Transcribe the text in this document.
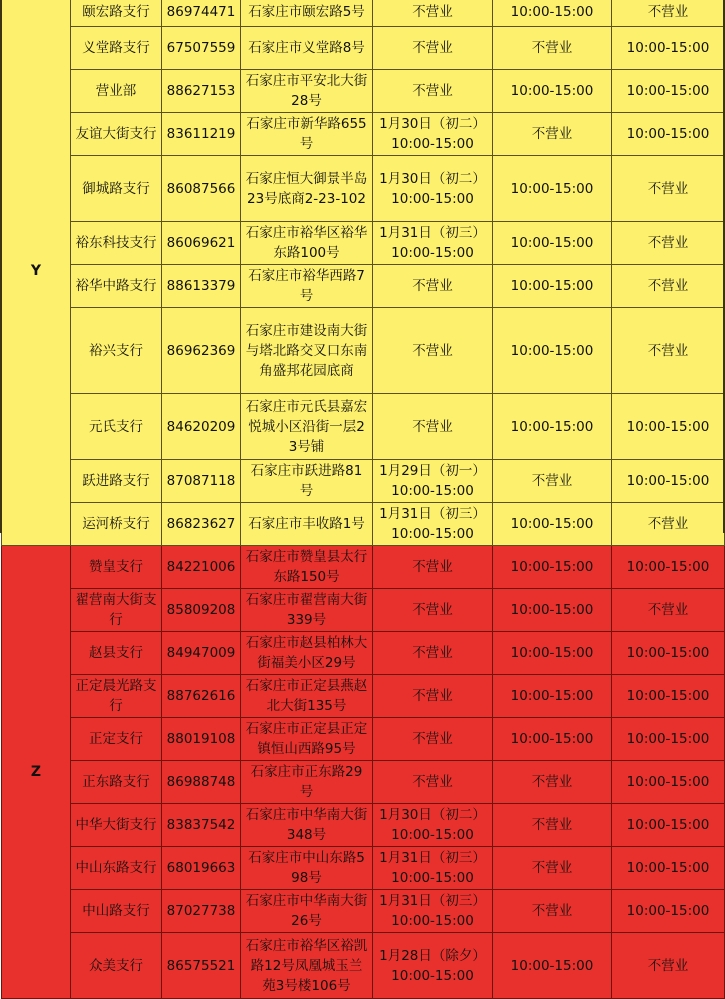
Y	颐宏路支行	86974471	石家庄市颐宏路5号	不营业	10:00-15:00	不营业
	义堂路支行	67507559	石家庄市义堂路8号	不营业	不营业	10:00-15:00
	营业部	88627153	石家庄市平安北大街28号	不营业	10:00-15:00	10:00-15:00
	友谊大街支行	83611219	石家庄市新华路655号	1月30日（初二）10:00-15:00	不营业	10:00-15:00
	御城路支行	86087566	石家庄恒大御景半岛23号底商2-23-102	1月30日（初二）10:00-15:00	10:00-15:00	不营业
	裕东科技支行	86069621	石家庄市裕华区裕华东路100号	1月31日（初三）10:00-15:00	10:00-15:00	不营业
	裕华中路支行	88613379	石家庄市裕华西路7号	不营业	10:00-15:00	不营业
	裕兴支行	86962369	石家庄市建设南大街与塔北路交叉口东南角盛邦花园底商	不营业	10:00-15:00	不营业
	元氏支行	84620209	石家庄市元氏县嘉宏悦城小区沿街一层23号铺	不营业	10:00-15:00	10:00-15:00
	跃进路支行	87087118	石家庄市跃进路81号	1月29日（初一）10:00-15:00	不营业	10:00-15:00
	运河桥支行	86823627	石家庄市丰收路1号	1月31日（初三）10:00-15:00	10:00-15:00	不营业
Z	赞皇支行	84221006	石家庄市赞皇县太行东路150号	不营业	10:00-15:00	10:00-15:00
	翟营南大街支行	85809208	石家庄市翟营南大街339号	不营业	10:00-15:00	不营业
	赵县支行	84947009	石家庄市赵县柏林大街福美小区29号	不营业	10:00-15:00	10:00-15:00
	正定晨光路支行	88762616	石家庄市正定县燕赵北大街135号	不营业	10:00-15:00	10:00-15:00
	正定支行	88019108	石家庄市正定县正定镇恒山西路95号	不营业	10:00-15:00	10:00-15:00
	正东路支行	86988748	石家庄市正东路29号	不营业	不营业	10:00-15:00
	中华大街支行	83837542	石家庄市中华南大街348号	1月30日（初二）10:00-15:00	不营业	10:00-15:00
	中山东路支行	68019663	石家庄市中山东路598号	1月31日（初三）10:00-15:00	不营业	10:00-15:00
	中山路支行	87027738	石家庄市中华南大街26号	1月31日（初三）10:00-15:00	不营业	10:00-15:00
	众美支行	86575521	石家庄市裕华区裕凯路12号凤凰城玉兰苑3号楼106号	1月28日（除夕）10:00-15:00	10:00-15:00	不营业
